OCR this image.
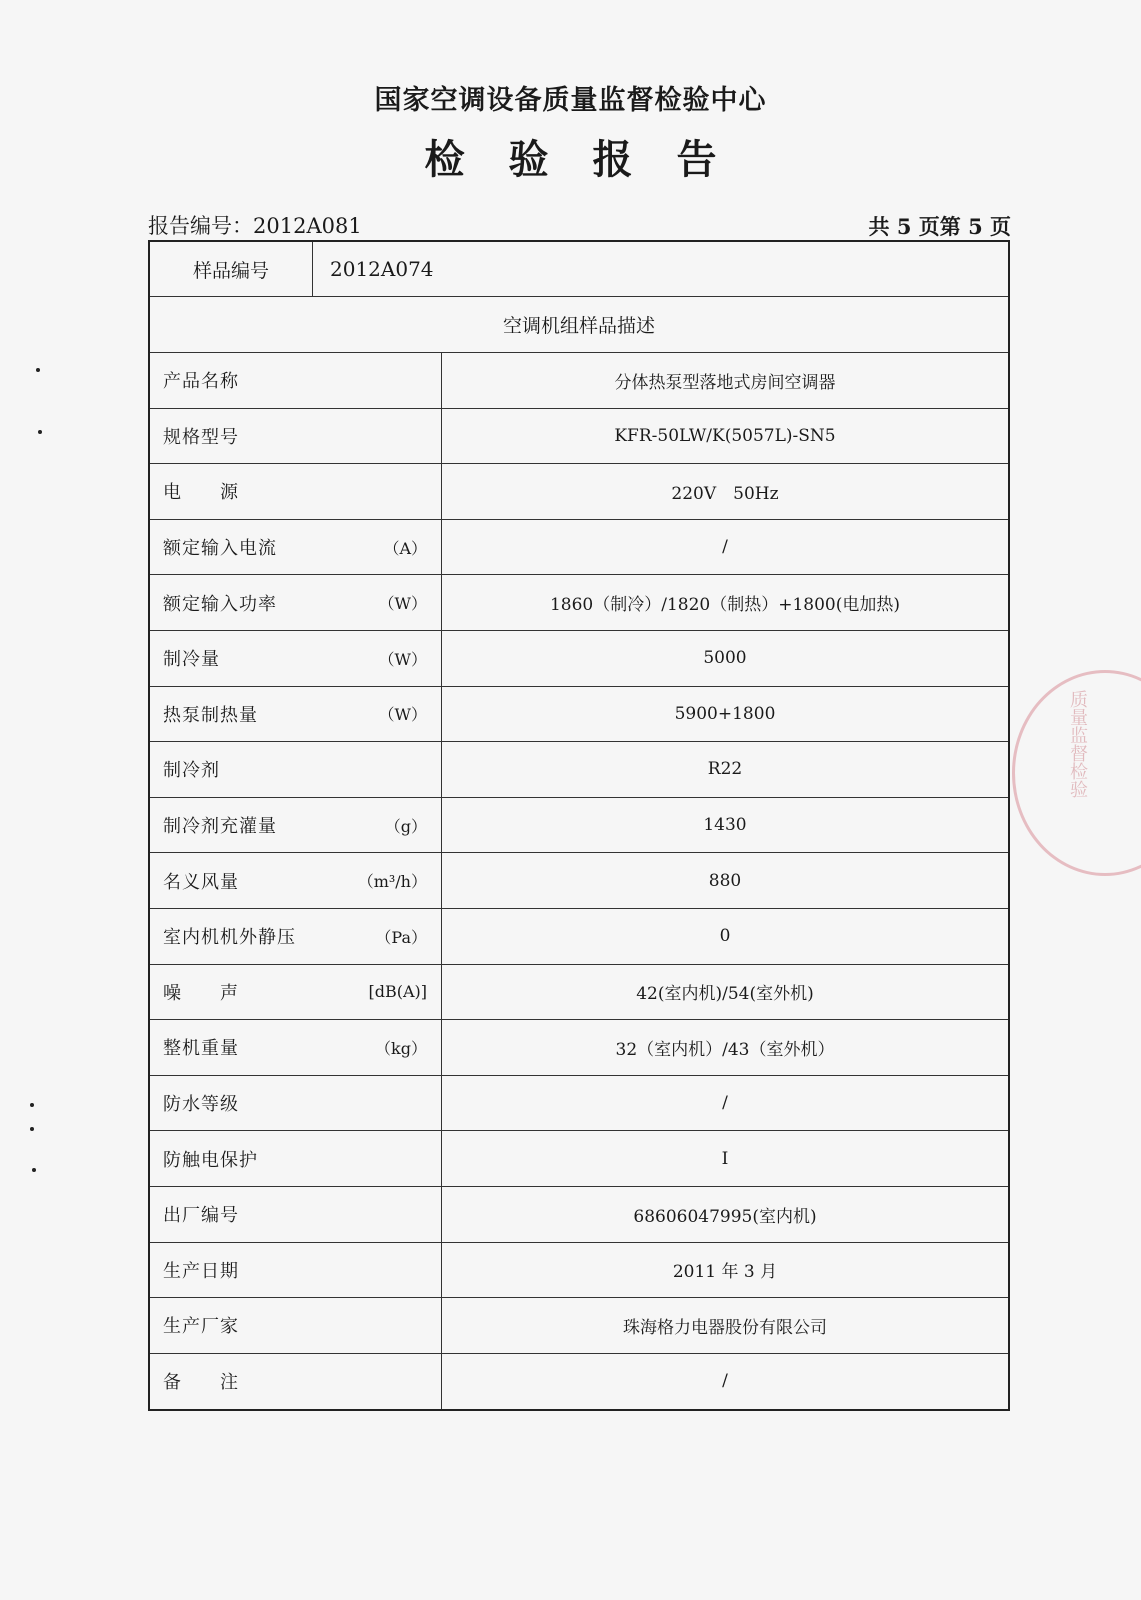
国家空调设备质量监督检验中心
检验报告
报告编号：2012A081	共 5 页第 5 页
样品编号	2012A074
空调机组样品描述
产品名称	分体热泵型落地式房间空调器
规格型号	KFR-50LW/K(5057L)-SN5
电　　源	220V　50Hz
额定输入电流	（A）	/
额定输入功率	（W）	1860（制冷）/1820（制热）+1800(电加热)
制冷量	（W）	5000
热泵制热量	（W）	5900+1800
制冷剂	R22
制冷剂充灌量	（g）	1430
名义风量	（m³/h）	880
室内机机外静压	（Pa）	0
噪　　声	[dB(A)]	42(室内机)/54(室外机)
整机重量	（kg）	32（室内机）/43（室外机）
防水等级	/
防触电保护	I
出厂编号	68606047995(室内机)
生产日期	2011 年 3 月
生产厂家	珠海格力电器股份有限公司
备　　注	/
质量监督检验
